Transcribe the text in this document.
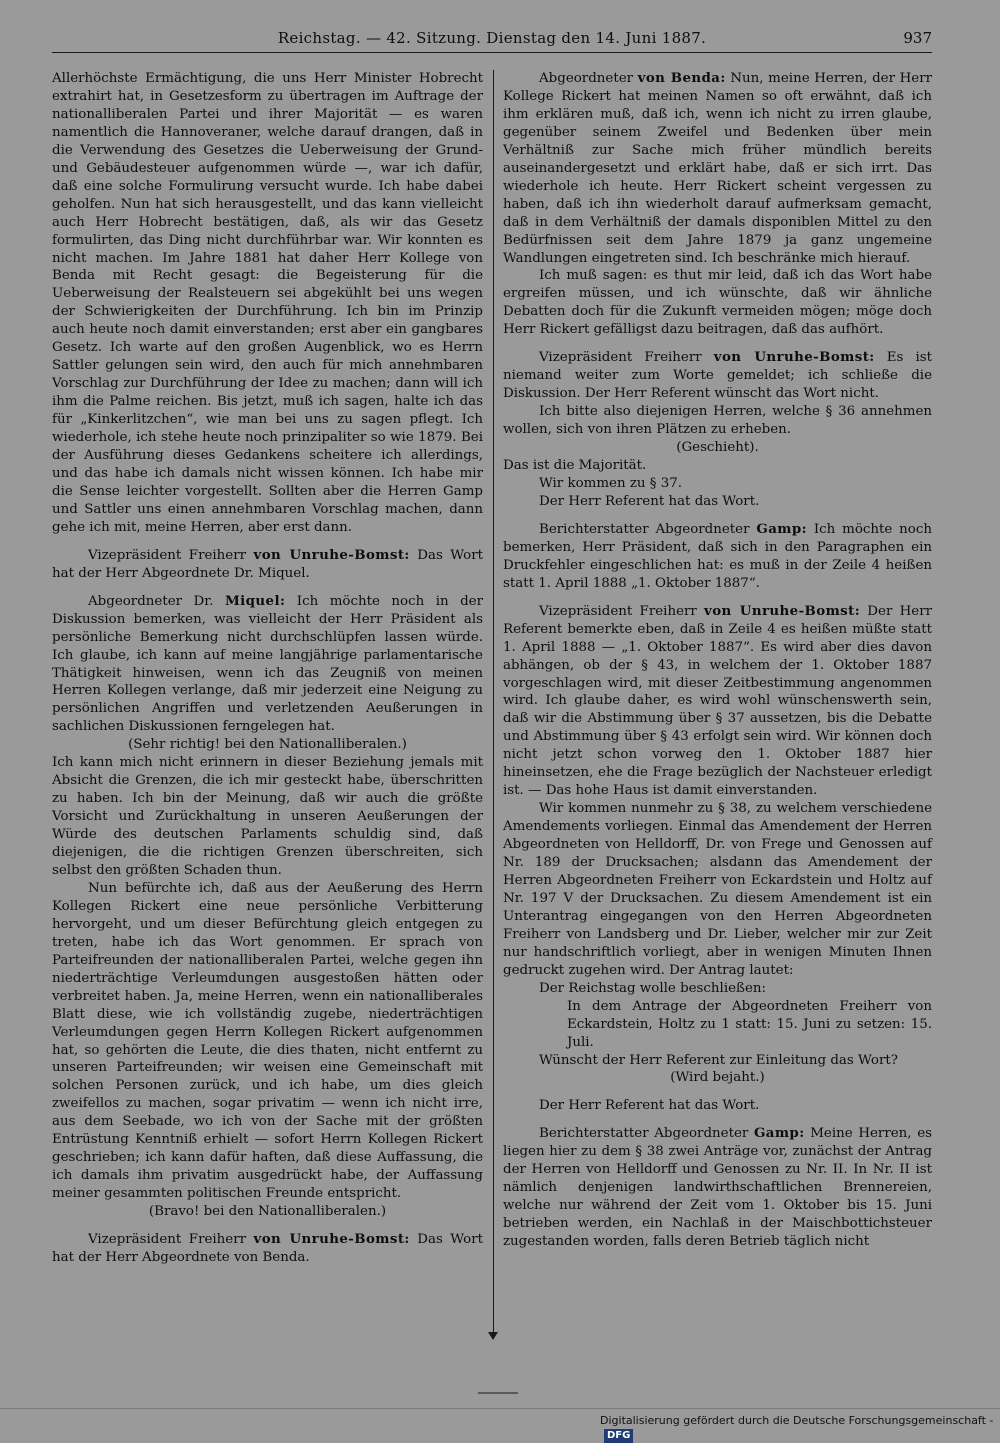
Reichstag. — 42. Sitzung. Dienstag den 14. Juni 1887.	937

Allerhöchste Ermächtigung, die uns Herr Minister Hobrecht extrahirt hat, in Gesetzesform zu übertragen im Auftrage der nationalliberalen Partei und ihrer Majorität — es waren namentlich die Hannoveraner, welche darauf drangen, daß in die Verwendung des Gesetzes die Ueberweisung der Grund- und Gebäudesteuer aufgenommen würde —, war ich dafür, daß eine solche Formulirung versucht wurde. Ich habe dabei geholfen. Nun hat sich herausgestellt, und das kann vielleicht auch Herr Hobrecht bestätigen, daß, als wir das Gesetz formulirten, das Ding nicht durchführbar war. Wir konnten es nicht machen. Im Jahre 1881 hat daher Herr Kollege von Benda mit Recht gesagt: die Begeisterung für die Ueberweisung der Realsteuern sei abgekühlt bei uns wegen der Schwierigkeiten der Durchführung. Ich bin im Prinzip auch heute noch damit einverstanden; erst aber ein gangbares Gesetz. Ich warte auf den großen Augenblick, wo es Herrn Sattler gelungen sein wird, den auch für mich annehmbaren Vorschlag zur Durchführung der Idee zu machen; dann will ich ihm die Palme reichen. Bis jetzt, muß ich sagen, halte ich das für „Kinkerlitzchen“, wie man bei uns zu sagen pflegt. Ich wiederhole, ich stehe heute noch prinzipaliter so wie 1879. Bei der Ausführung dieses Gedankens scheitere ich allerdings, und das habe ich damals nicht wissen können. Ich habe mir die Sense leichter vorgestellt. Sollten aber die Herren Gamp und Sattler uns einen annehmbaren Vorschlag machen, dann gehe ich mit, meine Herren, aber erst dann.

Vizepräsident Freiherr von Unruhe-Bomst: Das Wort hat der Herr Abgeordnete Dr. Miquel.

Abgeordneter Dr. Miquel: Ich möchte noch in der Diskussion bemerken, was vielleicht der Herr Präsident als persönliche Bemerkung nicht durchschlüpfen lassen würde. Ich glaube, ich kann auf meine langjährige parlamentarische Thätigkeit hinweisen, wenn ich das Zeugniß von meinen Herren Kollegen verlange, daß mir jederzeit eine Neigung zu persönlichen Angriffen und verletzenden Aeußerungen in sachlichen Diskussionen ferngelegen hat.

(Sehr richtig! bei den Nationalliberalen.)

Ich kann mich nicht erinnern in dieser Beziehung jemals mit Absicht die Grenzen, die ich mir gesteckt habe, überschritten zu haben. Ich bin der Meinung, daß wir auch die größte Vorsicht und Zurückhaltung in unseren Aeußerungen der Würde des deutschen Parlaments schuldig sind, daß diejenigen, die die richtigen Grenzen überschreiten, sich selbst den größten Schaden thun.

Nun befürchte ich, daß aus der Aeußerung des Herrn Kollegen Rickert eine neue persönliche Verbitterung hervorgeht, und um dieser Befürchtung gleich entgegen zu treten, habe ich das Wort genommen. Er sprach von Parteifreunden der nationalliberalen Partei, welche gegen ihn niederträchtige Verleumdungen ausgestoßen hätten oder verbreitet haben. Ja, meine Herren, wenn ein nationalliberales Blatt diese, wie ich vollständig zugebe, niederträchtigen Verleumdungen gegen Herrn Kollegen Rickert aufgenommen hat, so gehörten die Leute, die dies thaten, nicht entfernt zu unseren Parteifreunden; wir weisen eine Gemeinschaft mit solchen Personen zurück, und ich habe, um dies gleich zweifellos zu machen, sogar privatim — wenn ich nicht irre, aus dem Seebade, wo ich von der Sache mit der größten Entrüstung Kenntniß erhielt — sofort Herrn Kollegen Rickert geschrieben; ich kann dafür haften, daß diese Auffassung, die ich damals ihm privatim ausgedrückt habe, der Auffassung meiner gesammten politischen Freunde entspricht.

(Bravo! bei den Nationalliberalen.)

Vizepräsident Freiherr von Unruhe-Bomst: Das Wort hat der Herr Abgeordnete von Benda.

Abgeordneter von Benda: Nun, meine Herren, der Herr Kollege Rickert hat meinen Namen so oft erwähnt, daß ich ihm erklären muß, daß ich, wenn ich nicht zu irren glaube, gegenüber seinem Zweifel und Bedenken über mein Verhältniß zur Sache mich früher mündlich bereits auseinandergesetzt und erklärt habe, daß er sich irrt. Das wiederhole ich heute. Herr Rickert scheint vergessen zu haben, daß ich ihn wiederholt darauf aufmerksam gemacht, daß in dem Verhältniß der damals disponiblen Mittel zu den Bedürfnissen seit dem Jahre 1879 ja ganz ungemeine Wandlungen eingetreten sind. Ich beschränke mich hierauf.

Ich muß sagen: es thut mir leid, daß ich das Wort habe ergreifen müssen, und ich wünschte, daß wir ähnliche Debatten doch für die Zukunft vermeiden mögen; möge doch Herr Rickert gefälligst dazu beitragen, daß das aufhört.

Vizepräsident Freiherr von Unruhe-Bomst: Es ist niemand weiter zum Worte gemeldet; ich schließe die Diskussion. Der Herr Referent wünscht das Wort nicht.

Ich bitte also diejenigen Herren, welche § 36 annehmen wollen, sich von ihren Plätzen zu erheben.

(Geschieht).

Das ist die Majorität.

Wir kommen zu § 37.

Der Herr Referent hat das Wort.

Berichterstatter Abgeordneter Gamp: Ich möchte noch bemerken, Herr Präsident, daß sich in den Paragraphen ein Druckfehler eingeschlichen hat: es muß in der Zeile 4 heißen statt 1. April 1888 „1. Oktober 1887“.

Vizepräsident Freiherr von Unruhe-Bomst: Der Herr Referent bemerkte eben, daß in Zeile 4 es heißen müßte statt 1. April 1888 — „1. Oktober 1887“. Es wird aber dies davon abhängen, ob der § 43, in welchem der 1. Oktober 1887 vorgeschlagen wird, mit dieser Zeitbestimmung angenommen wird. Ich glaube daher, es wird wohl wünschenswerth sein, daß wir die Abstimmung über § 37 aussetzen, bis die Debatte und Abstimmung über § 43 erfolgt sein wird. Wir können doch nicht jetzt schon vorweg den 1. Oktober 1887 hier hineinsetzen, ehe die Frage bezüglich der Nachsteuer erledigt ist. — Das hohe Haus ist damit einverstanden.

Wir kommen nunmehr zu § 38, zu welchem verschiedene Amendements vorliegen. Einmal das Amendement der Herren Abgeordneten von Helldorff, Dr. von Frege und Genossen auf Nr. 189 der Drucksachen; alsdann das Amendement der Herren Abgeordneten Freiherr von Eckardstein und Holtz auf Nr. 197 V der Drucksachen. Zu diesem Amendement ist ein Unterantrag eingegangen von den Herren Abgeordneten Freiherr von Landsberg und Dr. Lieber, welcher mir zur Zeit nur handschriftlich vorliegt, aber in wenigen Minuten Ihnen gedruckt zugehen wird. Der Antrag lautet:

Der Reichstag wolle beschließen:

In dem Antrage der Abgeordneten Freiherr von Eckardstein, Holtz zu 1 statt: 15. Juni zu setzen: 15. Juli.

Wünscht der Herr Referent zur Einleitung das Wort?

(Wird bejaht.)

Der Herr Referent hat das Wort.

Berichterstatter Abgeordneter Gamp: Meine Herren, es liegen hier zu dem § 38 zwei Anträge vor, zunächst der Antrag der Herren von Helldorff und Genossen zu Nr. II. In Nr. II ist nämlich denjenigen landwirthschaftlichen Brennereien, welche nur während der Zeit vom 1. Oktober bis 15. Juni betrieben werden, ein Nachlaß in der Maischbottichsteuer zugestanden worden, falls deren Betrieb täglich nicht

Digitalisierung gefördert durch die Deutsche Forschungsgemeinschaft -DFG
